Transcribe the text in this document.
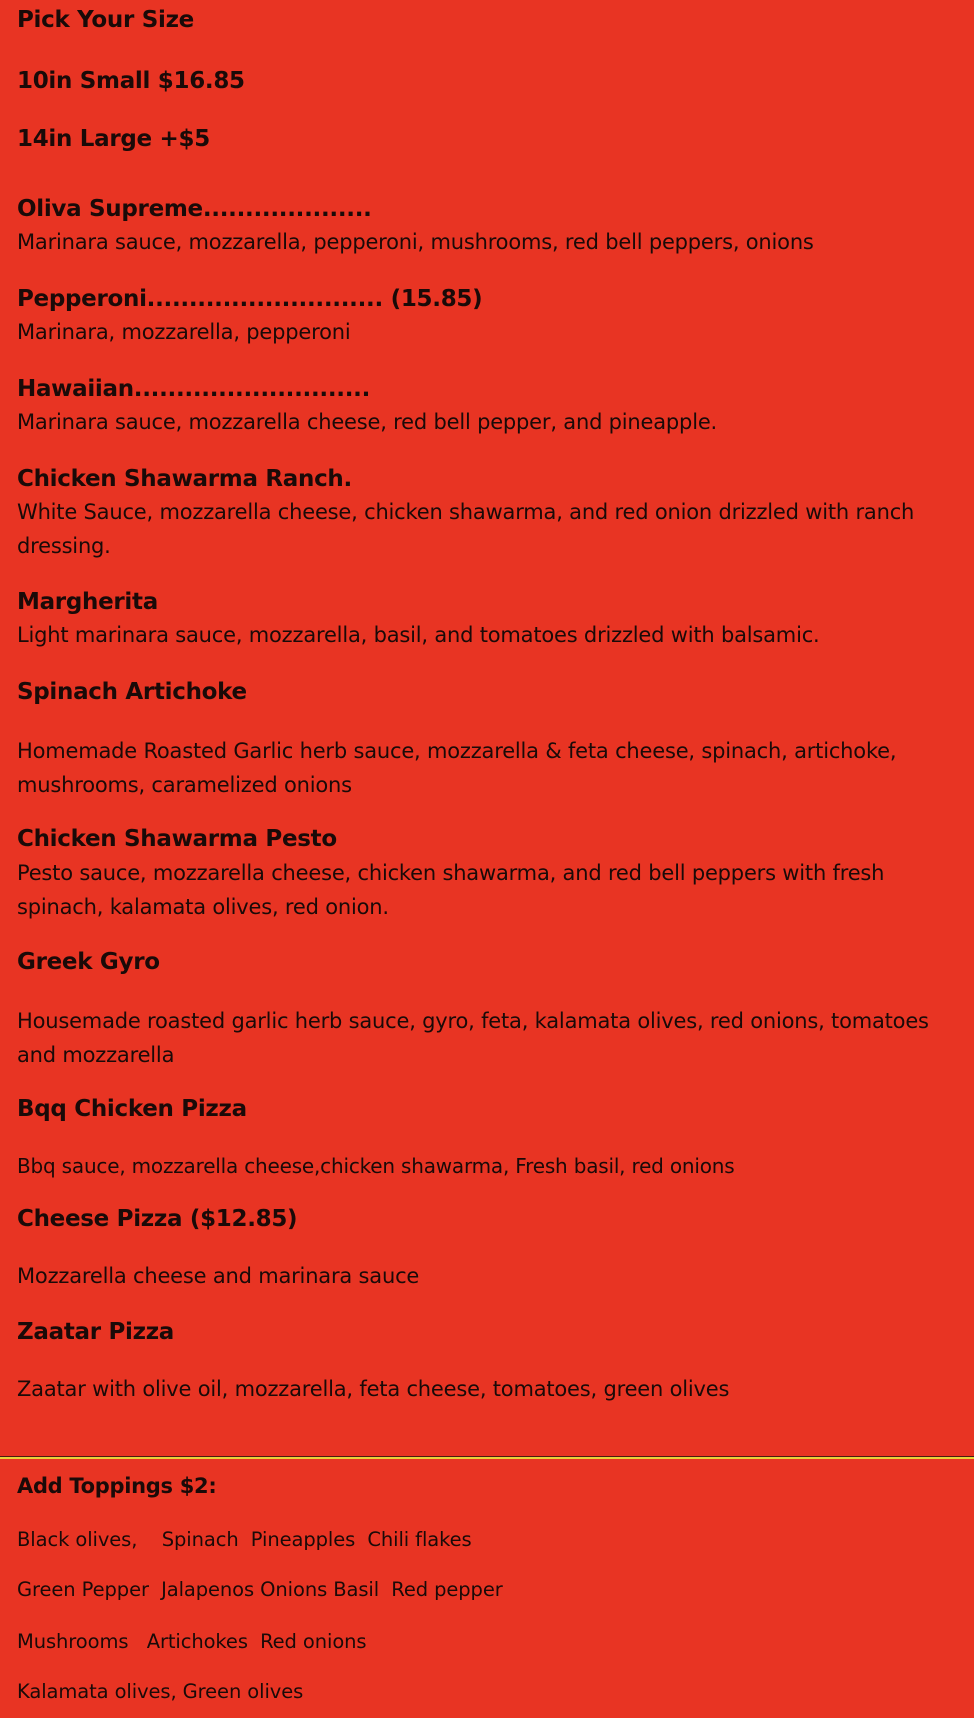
Pick Your Size
10in Small $16.85
14in Large +$5
Oliva Supreme....................
Marinara sauce, mozzarella, pepperoni, mushrooms, red bell peppers, onions
Pepperoni............................ (15.85)
Marinara, mozzarella, pepperoni
Hawaiian............................
Marinara sauce, mozzarella cheese, red bell pepper, and pineapple.
Chicken Shawarma Ranch.
White Sauce, mozzarella cheese, chicken shawarma, and red onion drizzled with ranch dressing.
Margherita
Light marinara sauce, mozzarella, basil, and tomatoes drizzled with balsamic.
Spinach Artichoke
Homemade Roasted Garlic herb sauce, mozzarella & feta cheese, spinach, artichoke, mushrooms, caramelized onions
Chicken Shawarma Pesto
Pesto sauce, mozzarella cheese, chicken shawarma, and red bell peppers with fresh spinach, kalamata olives, red onion.
Greek Gyro
Housemade roasted garlic herb sauce, gyro, feta, kalamata olives, red onions, tomatoes and mozzarella
Bqq Chicken Pizza
Bbq sauce, mozzarella cheese,chicken shawarma, Fresh basil, red onions
Cheese Pizza ($12.85)
Mozzarella cheese and marinara sauce
Zaatar Pizza
Zaatar with olive oil, mozzarella, feta cheese, tomatoes, green olives
Add Toppings $2:
Black olives,    Spinach  Pineapples  Chili flakes
Green Pepper  Jalapenos Onions Basil  Red pepper
Mushrooms   Artichokes  Red onions
Kalamata olives, Green olives
